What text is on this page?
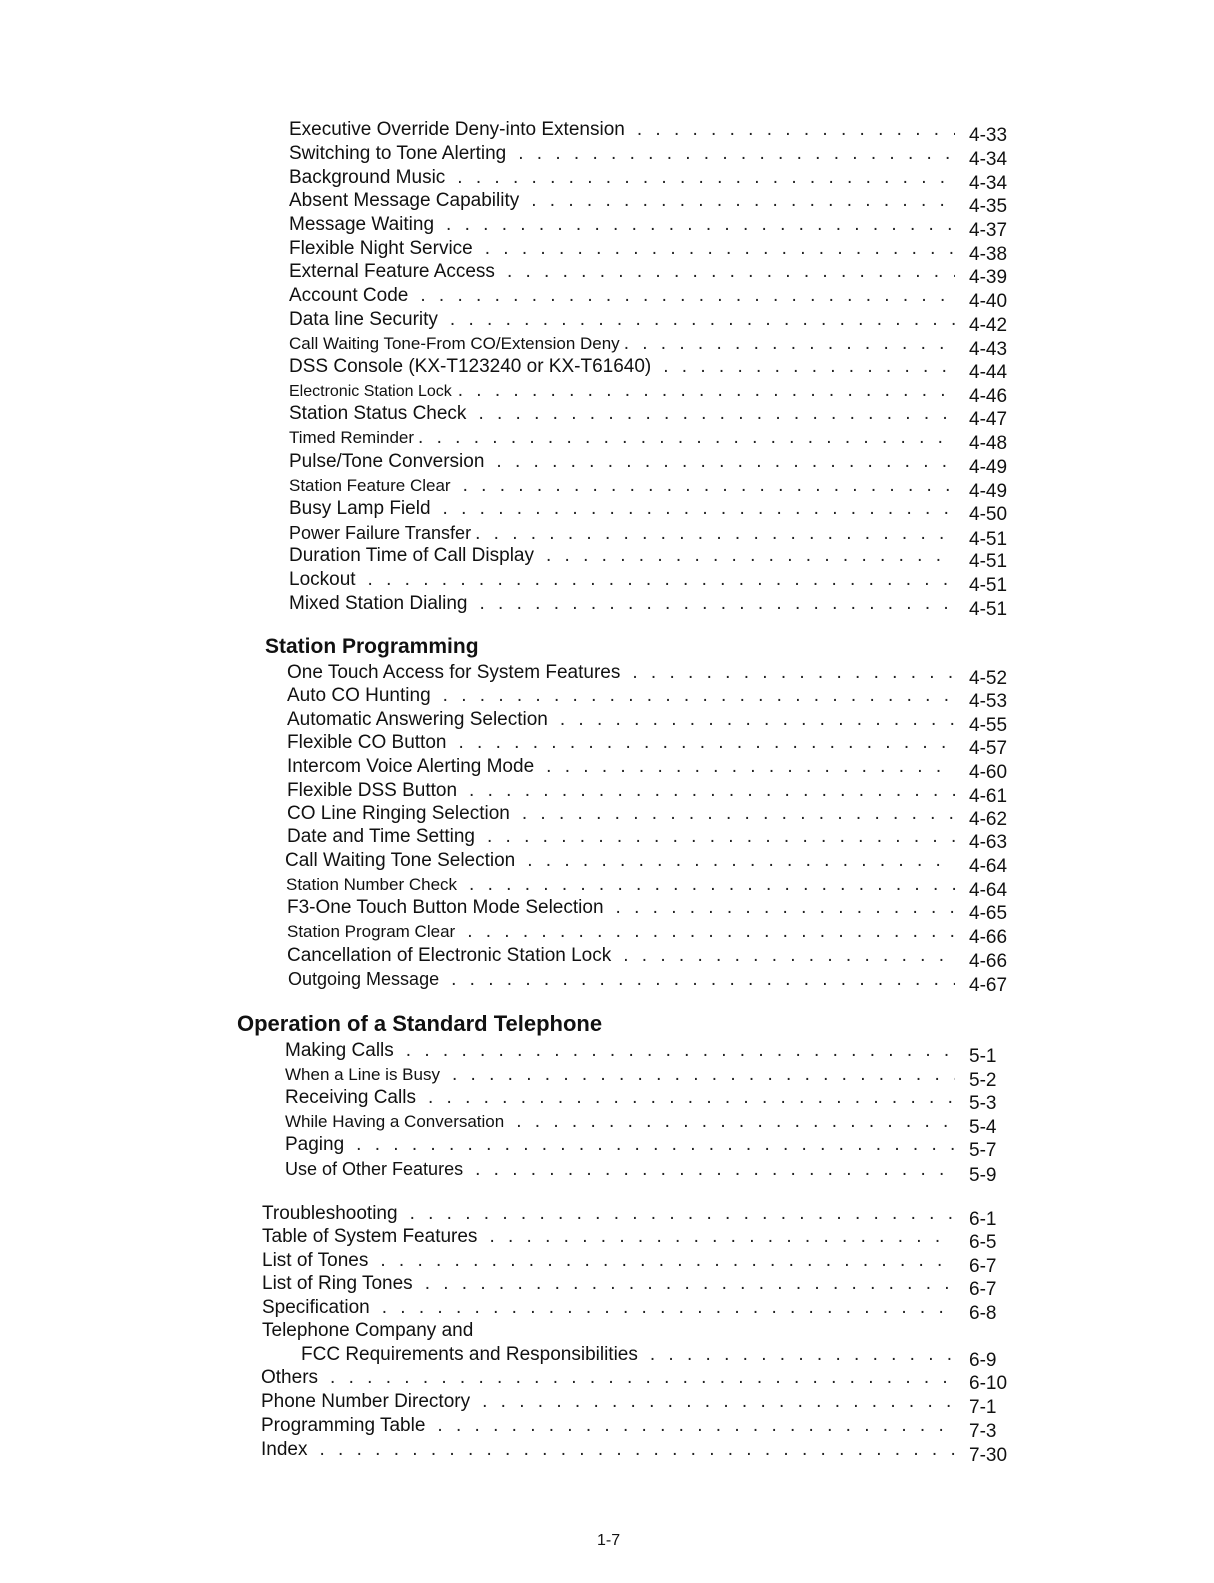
Executive Override Deny-into Extension . . .	4-33
Switching to Tone Alerting . . .	4-34
Background Music . . .	4-34
Absent Message Capability . . .	4-35
Message Waiting . . .	4-37
Flexible Night Service . . .	4-38
External Feature Access . . .	4-39
Account Code . . .	4-40
Data line Security . . .	4-42
Call Waiting Tone-From CO/Extension Deny . . .	4-43
DSS Console (KX-T123240 or KX-T61640) . . .	4-44
Electronic Station Lock . . .	4-46
Station Status Check . . .	4-47
Timed Reminder . . .	4-48
Pulse/Tone Conversion . . .	4-49
Station Feature Clear . . .	4-49
Busy Lamp Field . . .	4-50
Power Failure Transfer . . .	4-51
Duration Time of Call Display . . .	4-51
Lockout . . .	4-51
Mixed Station Dialing . . .	4-51
Station Programming
One Touch Access for System Features . . .	4-52
Auto CO Hunting . . .	4-53
Automatic Answering Selection . . .	4-55
Flexible CO Button . . .	4-57
Intercom Voice Alerting Mode . . .	4-60
Flexible DSS Button . . .	4-61
CO Line Ringing Selection . . .	4-62
Date and Time Setting . . .	4-63
Call Waiting Tone Selection . . .	4-64
Station Number Check . . .	4-64
F3-One Touch Button Mode Selection . . .	4-65
Station Program Clear . . .	4-66
Cancellation of Electronic Station Lock . . .	4-66
Outgoing Message . . .	4-67
Operation of a Standard Telephone
Making Calls . . .	5-1
When a Line is Busy . . .	5-2
Receiving Calls . . .	5-3
While Having a Conversation . . .	5-4
Paging . . .	5-7
Use of Other Features . . .	5-9
Troubleshooting . . .	6-1
Table of System Features . . .	6-5
List of Tones . . .	6-7
List of Ring Tones . . .	6-7
Specification . . .	6-8
Telephone Company and
FCC Requirements and Responsibilities . . .	6-9
Others . . .	6-10
Phone Number Directory . . .	7-1
Programming Table . . .	7-3
Index . . .	7-30
1-7
